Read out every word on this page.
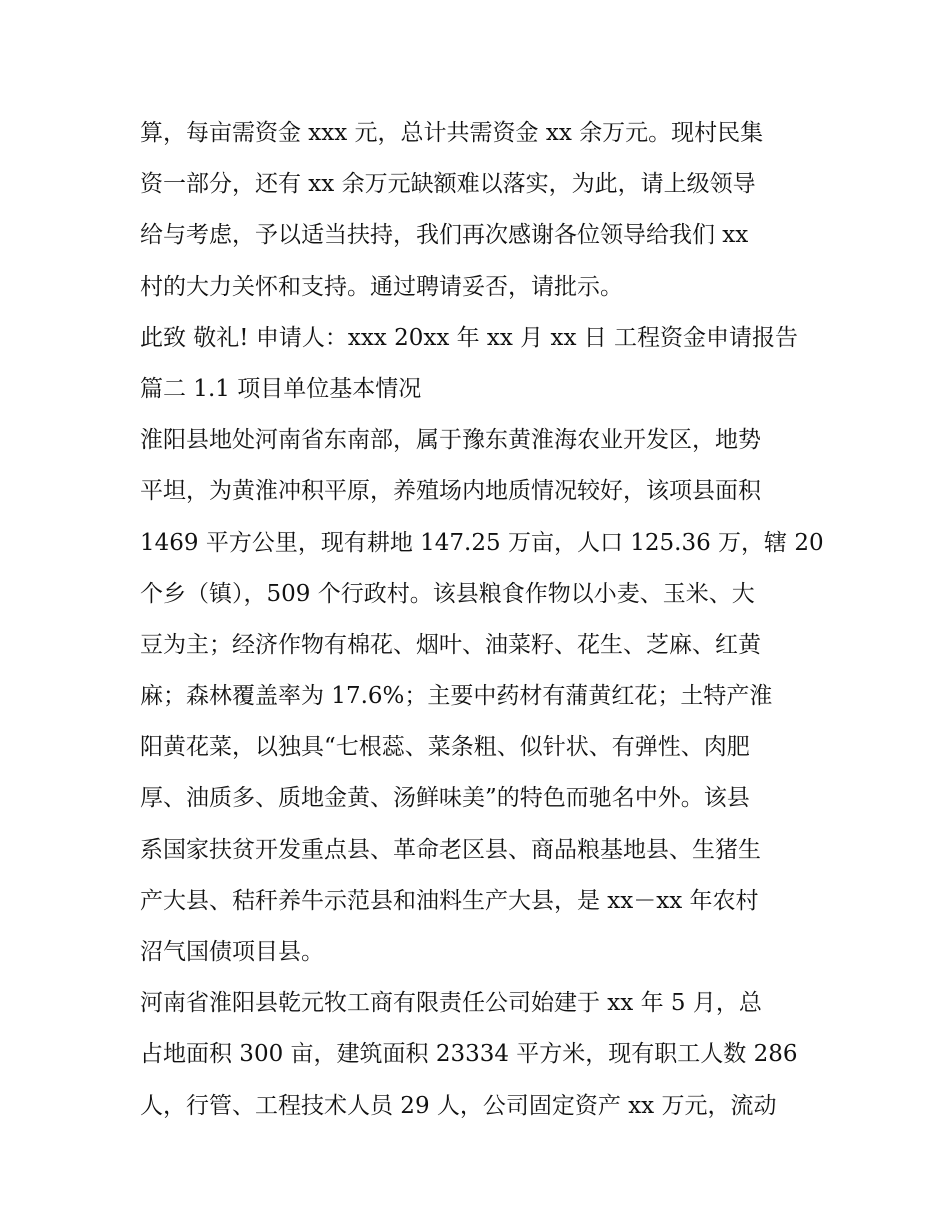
算，每亩需资金 xxx 元，总计共需资金 xx 余万元。现村民集
资一部分，还有 xx 余万元缺额难以落实，为此，请上级领导
给与考虑，予以适当扶持，我们再次感谢各位领导给我们 xx
村的大力关怀和支持。通过聘请妥否，请批示。
此致 敬礼! 申请人：xxx 20xx 年 xx 月 xx 日 工程资金申请报告
篇二 1.1 项目单位基本情况
淮阳县地处河南省东南部，属于豫东黄淮海农业开发区，地势
平坦，为黄淮冲积平原，养殖场内地质情况较好，该项县面积
1469 平方公里，现有耕地 147.25 万亩，人口 125.36 万，辖 20
个乡（镇），509 个行政村。该县粮食作物以小麦、玉米、大
豆为主；经济作物有棉花、烟叶、油菜籽、花生、芝麻、红黄
麻；森林覆盖率为 17.6%；主要中药材有蒲黄红花；土特产淮
阳黄花菜，以独具“七根蕊、菜条粗、似针状、有弹性、肉肥
厚、油质多、质地金黄、汤鲜味美”的特色而驰名中外。该县
系国家扶贫开发重点县、革命老区县、商品粮基地县、生猪生
产大县、秸秆养牛示范县和油料生产大县，是 xx－xx 年农村
沼气国债项目县。
河南省淮阳县乾元牧工商有限责任公司始建于 xx 年 5 月，总
占地面积 300 亩，建筑面积 23334 平方米，现有职工人数 286
人，行管、工程技术人员 29 人，公司固定资产 xx 万元，流动
